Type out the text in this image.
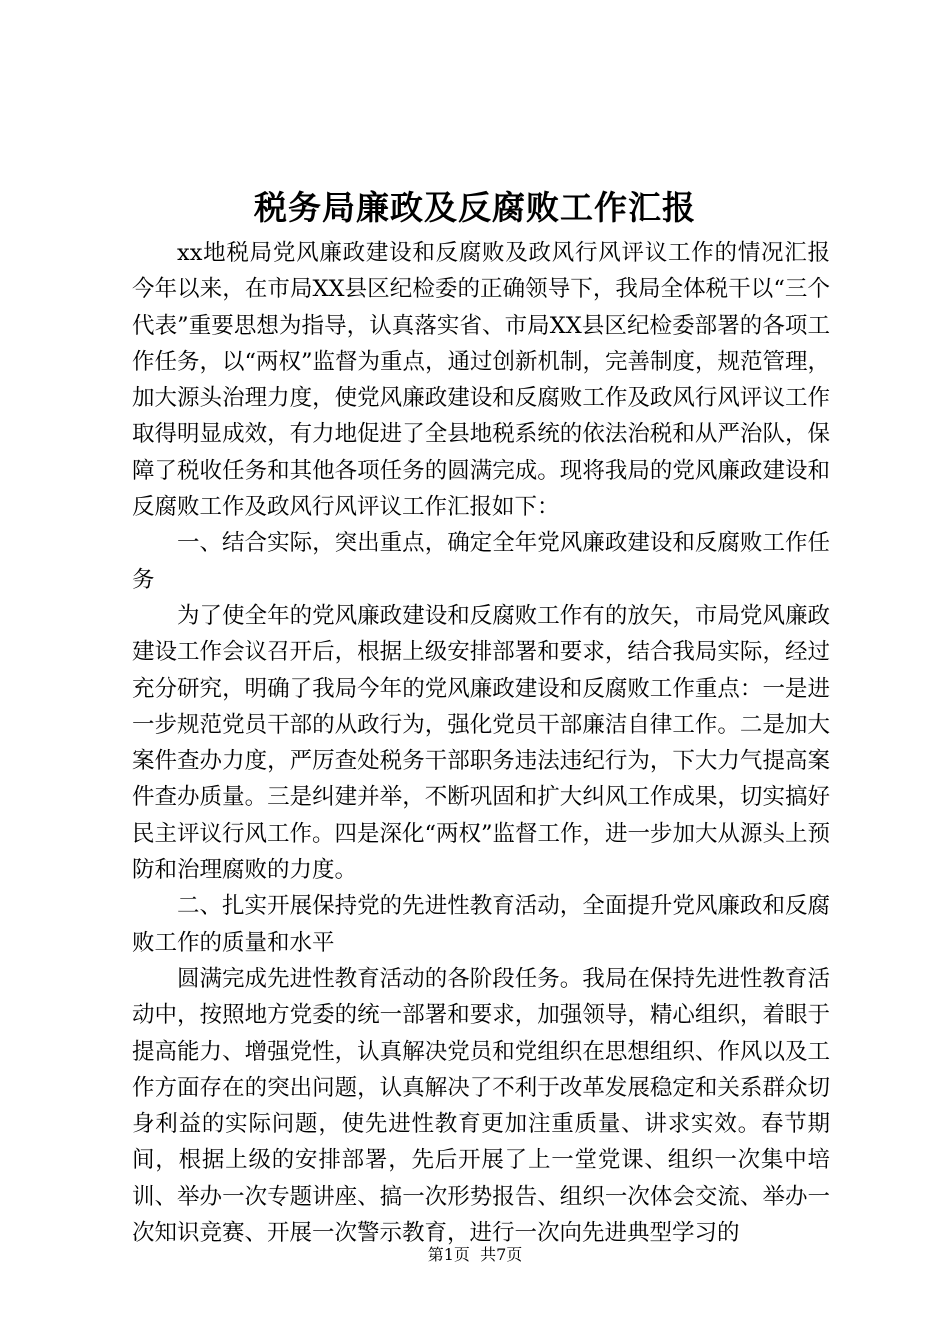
税务局廉政及反腐败工作汇报

xx地税局党风廉政建设和反腐败及政风行风评议工作的情况汇报今年以来，在市局XX县区纪检委的正确领导下，我局全体税干以“三个代表”重要思想为指导，认真落实省、市局XX县区纪检委部署的各项工作任务，以“两权”监督为重点，通过创新机制，完善制度，规范管理，加大源头治理力度，使党风廉政建设和反腐败工作及政风行风评议工作取得明显成效，有力地促进了全县地税系统的依法治税和从严治队，保障了税收任务和其他各项任务的圆满完成。现将我局的党风廉政建设和反腐败工作及政风行风评议工作汇报如下：

一、结合实际，突出重点，确定全年党风廉政建设和反腐败工作任务

为了使全年的党风廉政建设和反腐败工作有的放矢，市局党风廉政建设工作会议召开后，根据上级安排部署和要求，结合我局实际，经过充分研究，明确了我局今年的党风廉政建设和反腐败工作重点：一是进一步规范党员干部的从政行为，强化党员干部廉洁自律工作。二是加大案件查办力度，严厉查处税务干部职务违法违纪行为，下大力气提高案件查办质量。三是纠建并举，不断巩固和扩大纠风工作成果，切实搞好民主评议行风工作。四是深化“两权”监督工作，进一步加大从源头上预防和治理腐败的力度。

二、扎实开展保持党的先进性教育活动，全面提升党风廉政和反腐败工作的质量和水平

圆满完成先进性教育活动的各阶段任务。我局在保持先进性教育活动中，按照地方党委的统一部署和要求，加强领导，精心组织，着眼于提高能力、增强党性，认真解决党员和党组织在思想组织、作风以及工作方面存在的突出问题，认真解决了不利于改革发展稳定和关系群众切身利益的实际问题，使先进性教育更加注重质量、讲求实效。春节期间，根据上级的安排部署，先后开展了上一堂党课、组织一次集中培训、举办一次专题讲座、搞一次形势报告、组织一次体会交流、举办一次知识竞赛、开展一次警示教育，进行一次向先进典型学习的

第1页 共7页
